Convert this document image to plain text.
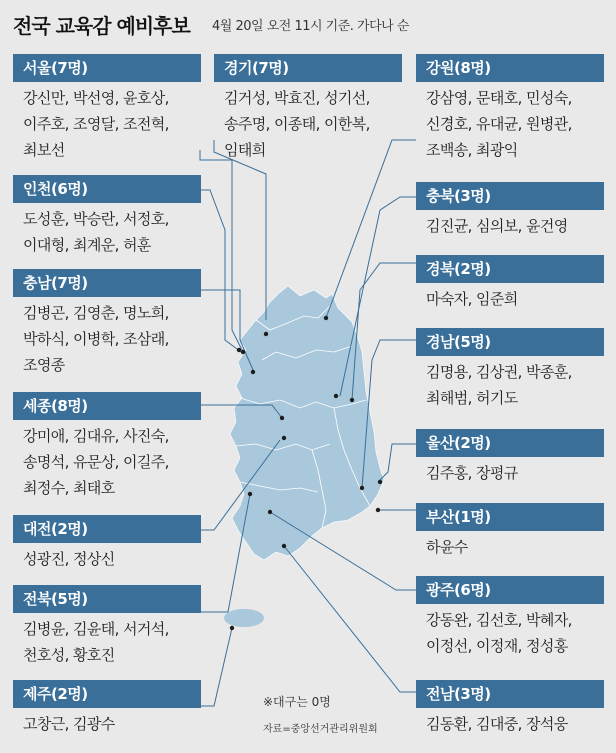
전국 교육감 예비후보 4월 20일 오전 11시 기준. 가다나 순
서울(7명)
강신만, 박선영, 윤호상,
이주호, 조영달, 조전혁,
최보선
인천(6명)
도성훈, 박승란, 서정호,
이대형, 최계운, 허훈
충남(7명)
김병곤, 김영춘, 명노희,
박하식, 이병학, 조삼래,
조영종
세종(8명)
강미애, 김대유, 사진숙,
송명석, 유문상, 이길주,
최정수, 최태호
대전(2명)
성광진, 정상신
전북(5명)
김병윤, 김윤태, 서거석,
천호성, 황호진
제주(2명)
고창근, 김광수
경기(7명)
김거성, 박효진, 성기선,
송주명, 이종태, 이한복,
임태희
강원(8명)
강삼영, 문태호, 민성숙,
신경호, 유대균, 원병관,
조백송, 최광익
충북(3명)
김진균, 심의보, 윤건영
경북(2명)
마숙자, 임준희
경남(5명)
김명용, 김상권, 박종훈,
최해범, 허기도
울산(2명)
김주홍, 장평규
부산(1명)
하윤수
광주(6명)
강동완, 김선호, 박혜자,
이정선, 이정재, 정성홍
전남(3명)
김동환, 김대중, 장석웅
※대구는 0명
자료=중앙선거관리위원회
